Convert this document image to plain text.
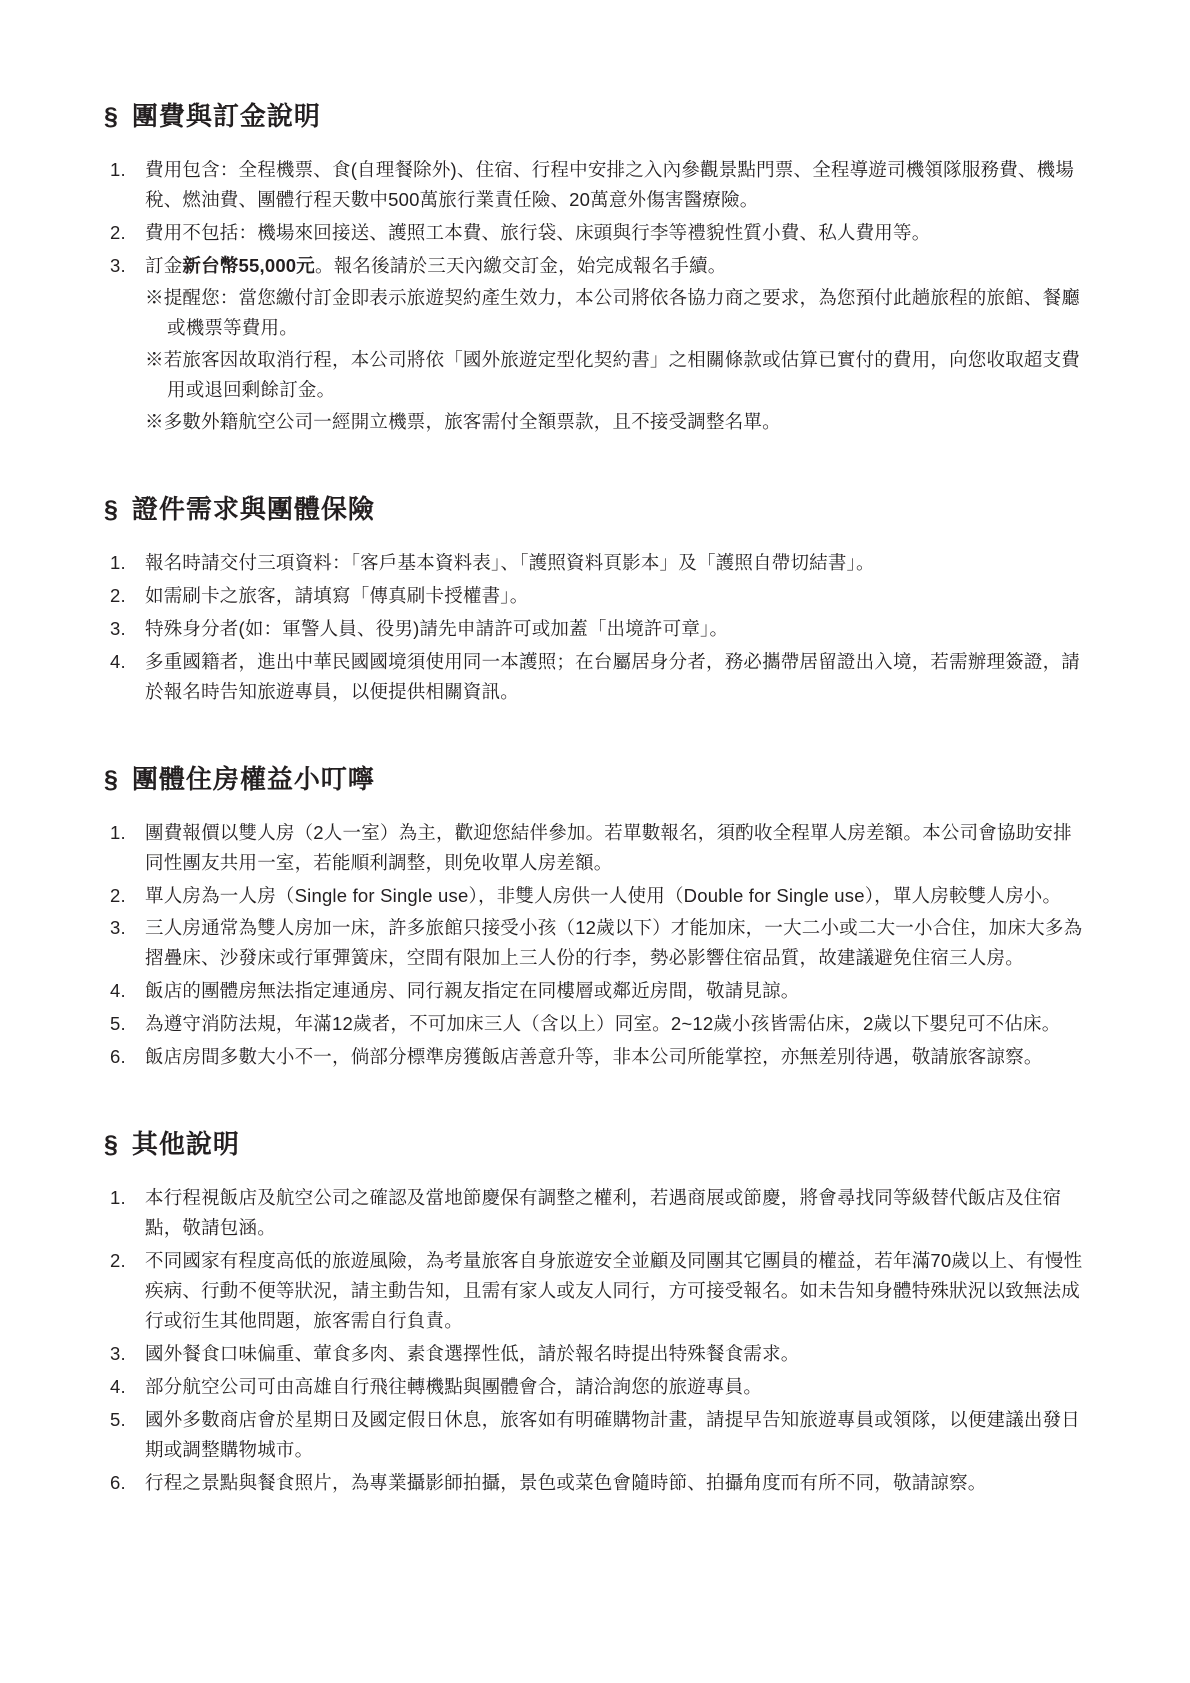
§ 團費與訂金說明
費用包含：全程機票、食(自理餐除外)、住宿、行程中安排之入內參觀景點門票、全程導遊司機領隊服務費、機場稅、燃油費、團體行程天數中500萬旅行業責任險、20萬意外傷害醫療險。
費用不包括：機場來回接送、護照工本費、旅行袋、床頭與行李等禮貌性質小費、私人費用等。
訂金新台幣55,000元。報名後請於三天內繳交訂金，始完成報名手續。
※提醒您：當您繳付訂金即表示旅遊契約產生效力，本公司將依各協力商之要求，為您預付此趟旅程的旅館、餐廳或機票等費用。
※若旅客因故取消行程，本公司將依「國外旅遊定型化契約書」之相關條款或估算已實付的費用，向您收取超支費用或退回剩餘訂金。
※多數外籍航空公司一經開立機票，旅客需付全額票款，且不接受調整名單。
§ 證件需求與團體保險
報名時請交付三項資料：「客戶基本資料表」、「護照資料頁影本」及「護照自帶切結書」。
如需刷卡之旅客，請填寫「傳真刷卡授權書」。
特殊身分者(如：軍警人員、役男)請先申請許可或加蓋「出境許可章」。
多重國籍者，進出中華民國國境須使用同一本護照；在台屬居身分者，務必攜帶居留證出入境，若需辦理簽證，請於報名時告知旅遊專員，以便提供相關資訊。
§ 團體住房權益小叮嚀
團費報價以雙人房（2人一室）為主，歡迎您結伴參加。若單數報名，須酌收全程單人房差額。本公司會協助安排同性團友共用一室，若能順利調整，則免收單人房差額。
單人房為一人房（Single for Single use），非雙人房供一人使用（Double for Single use），單人房較雙人房小。
三人房通常為雙人房加一床，許多旅館只接受小孩（12歲以下）才能加床，一大二小或二大一小合住，加床大多為摺疊床、沙發床或行軍彈簧床，空間有限加上三人份的行李，勢必影響住宿品質，故建議避免住宿三人房。
飯店的團體房無法指定連通房、同行親友指定在同樓層或鄰近房間，敬請見諒。
為遵守消防法規，年滿12歲者，不可加床三人（含以上）同室。2~12歲小孩皆需佔床，2歲以下嬰兒可不佔床。
飯店房間多數大小不一，倘部分標準房獲飯店善意升等，非本公司所能掌控，亦無差別待遇，敬請旅客諒察。
§ 其他說明
本行程視飯店及航空公司之確認及當地節慶保有調整之權利，若遇商展或節慶，將會尋找同等級替代飯店及住宿點，敬請包涵。
不同國家有程度高低的旅遊風險，為考量旅客自身旅遊安全並顧及同團其它團員的權益，若年滿70歲以上、有慢性疾病、行動不便等狀況，請主動告知，且需有家人或友人同行，方可接受報名。如未告知身體特殊狀況以致無法成行或衍生其他問題，旅客需自行負責。
國外餐食口味偏重、葷食多肉、素食選擇性低，請於報名時提出特殊餐食需求。
部分航空公司可由高雄自行飛往轉機點與團體會合，請洽詢您的旅遊專員。
國外多數商店會於星期日及國定假日休息，旅客如有明確購物計畫，請提早告知旅遊專員或領隊，以便建議出發日期或調整購物城市。
行程之景點與餐食照片，為專業攝影師拍攝，景色或菜色會隨時節、拍攝角度而有所不同，敬請諒察。
